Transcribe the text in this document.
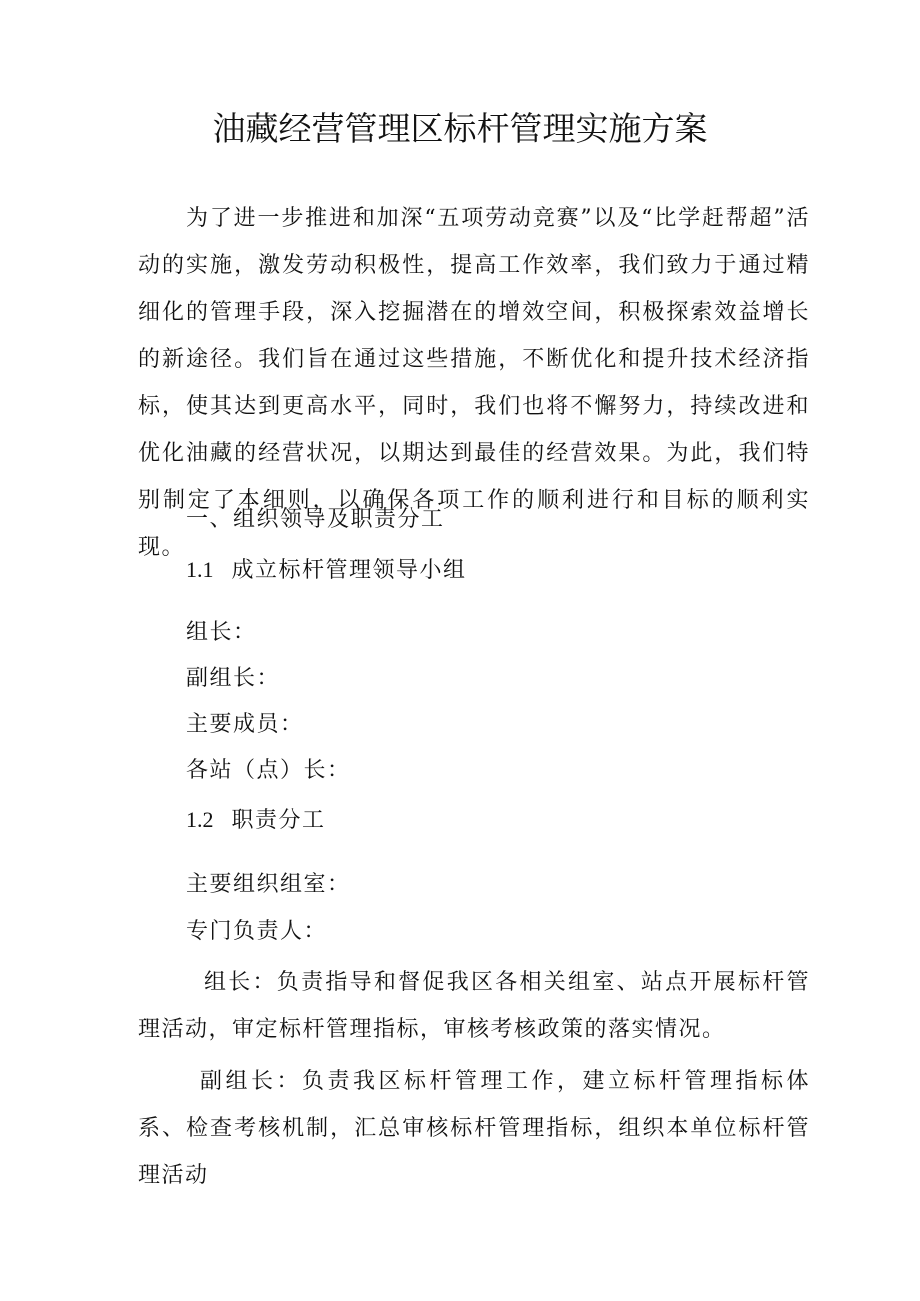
油藏经营管理区标杆管理实施方案
为了进一步推进和加深“五项劳动竞赛”以及“比学赶帮超”活动的实施，激发劳动积极性，提高工作效率，我们致力于通过精细化的管理手段，深入挖掘潜在的增效空间，积极探索效益增长的新途径。我们旨在通过这些措施，不断优化和提升技术经济指标，使其达到更高水平，同时，我们也将不懈努力，持续改进和优化油藏的经营状况，以期达到最佳的经营效果。为此，我们特别制定了本细则，以确保各项工作的顺利进行和目标的顺利实现。
一、组织领导及职责分工
1.1 成立标杆管理领导小组
组长：
副组长：
主要成员：
各站（点）长：
1.2 职责分工
主要组织组室：
专门负责人：
组长：负责指导和督促我区各相关组室、站点开展标杆管理活动，审定标杆管理指标，审核考核政策的落实情况。
副组长：负责我区标杆管理工作，建立标杆管理指标体系、检查考核机制，汇总审核标杆管理指标，组织本单位标杆管理活动
